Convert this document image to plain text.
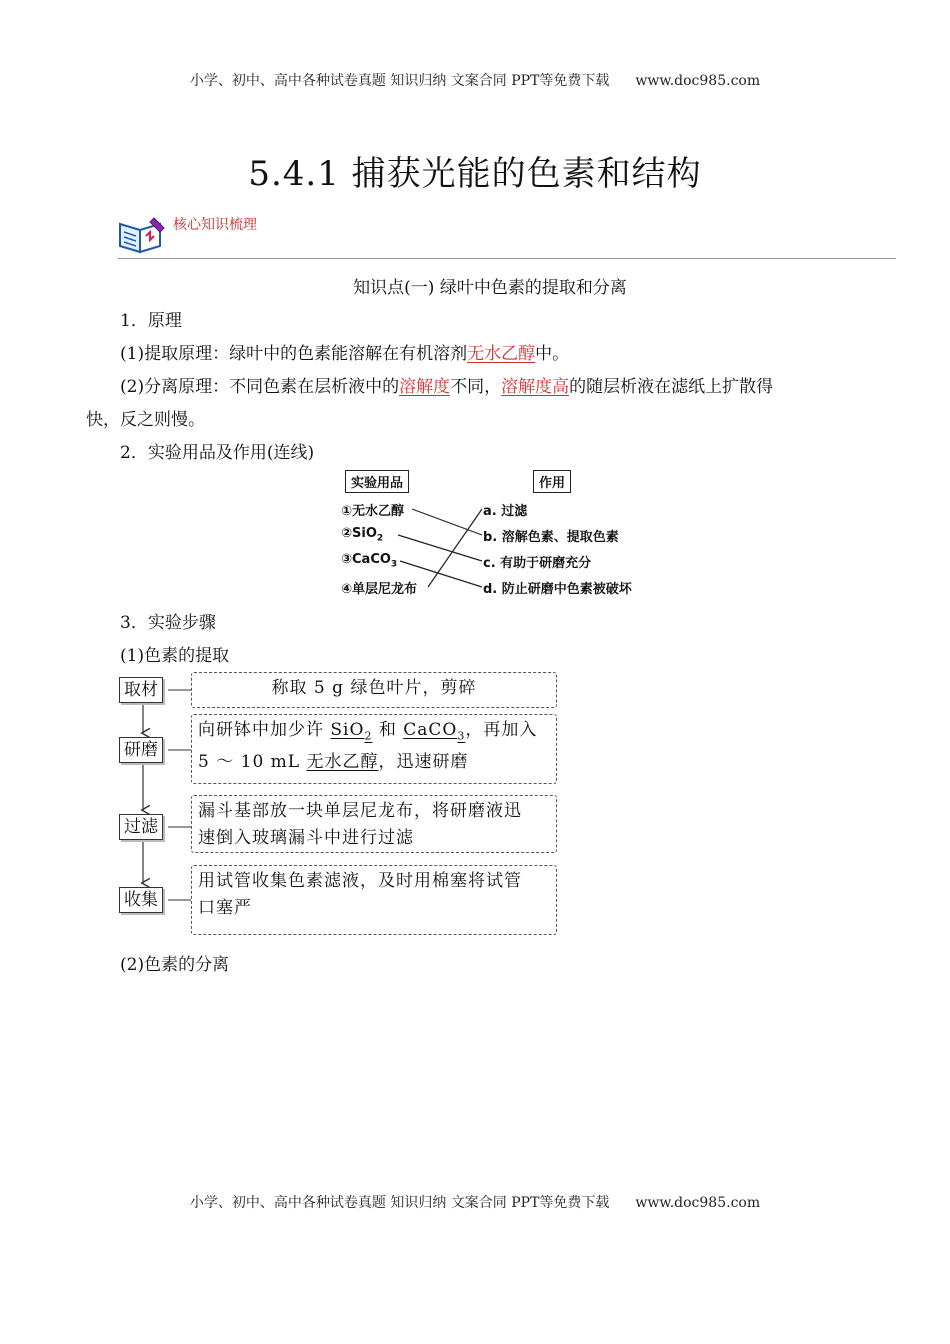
小学、初中、高中各种试卷真题 知识归纳 文案合同 PPT等免费下载 www.doc985.com
5.4.1 捕获光能的色素和结构
核心知识梳理
知识点(一) 绿叶中色素的提取和分离
1．原理
(1)提取原理：绿叶中的色素能溶解在有机溶剂无水乙醇中。
(2)分离原理：不同色素在层析液中的溶解度不同，溶解度高的随层析液在滤纸上扩散得
快，反之则慢。
2．实验用品及作用(连线)
实验用品	作用
①无水乙醇
②SiO$_2$
③CaCO$_3$
④单层尼龙布
a. 过滤
b. 溶解色素、提取色素
c. 有助于研磨充分
d. 防止研磨中色素被破坏
3．实验步骤
(1)色素的提取
取材
研磨
过滤
收集
称取 5 g 绿色叶片，剪碎
向研钵中加少许 SiO$_2$ 和 CaCO$_3$，再加入
5 ～ 10 mL 无水乙醇，迅速研磨
漏斗基部放一块单层尼龙布，将研磨液迅
速倒入玻璃漏斗中进行过滤
用试管收集色素滤液，及时用棉塞将试管
口塞严
(2)色素的分离
小学、初中、高中各种试卷真题 知识归纳 文案合同 PPT等免费下载 www.doc985.com
